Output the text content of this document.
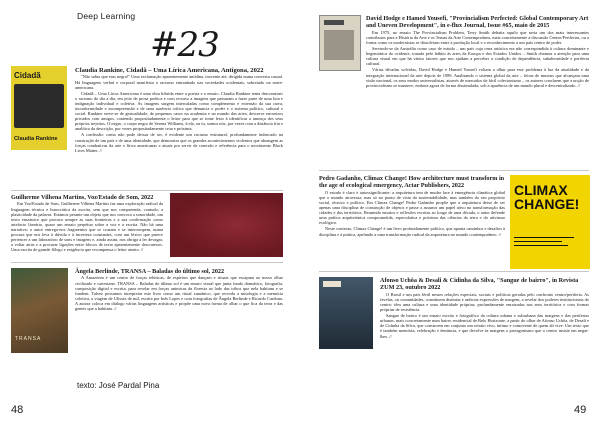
Deep Learning
#23
Cidadã
Claudia Rankine

Claudia Rankine, Cidadã – Uma Lírica Americana, Antígona, 2022

"Não sabia que eras negra!" Uma exclamação aparentemente anódina, inocente até, dirigida numa conversa casual. Há linguagens verbal e corporal manifesta o racismo entranhado nas sociedades ocidentais, sobretudo na norte-americana.

Cidadã – Uma Lírica Americana é uma obra híbrida entre a poesia e o ensaio. Claudia Rankine tenta desconstruir o racismo do dia a dia, em jeito de prosa poética e com recurso a imagens que passaram a fazer parte de uma luta e indignação individual e coletiva. As imagens surgem intercaladas como complemento e extensão da sua raiva, inconformidade e incompreensão e de uma ausência crítica que denuncia o poder e o sistema político, cultural e social. Rankine serve-se de gestualidade, de pequenos casos na academia e no mundo das artes, descreve encontros privados com amigos, contendo propositadamente o leitor para que se tome lesto à identificar a ameaça dos seus próprios trejeitos. O negro, o corpo negro de Serena Williams, à ela, ou tu, somos nós, por vezes com a distância fria e analítica da descrição, por vezes propositadamente crua e próxima.

A confissão: como não pode deixar de ser, é evidente um racismo estrutural, profundamente imbricado na construção de um país e de uma identidade, que demonstra que os grandes acontecimentos violentos que abrangem as forças combativas da arte e lírica americanas e atuais por servir de conexão e referência para o movimento Black Lives Matter. //

Guilherme Vilhena Martins, Voz/Estado de Som, 2022

Em Voz/Estado de Som, Guilherme Vilhena Martins faz uma exploração radical da linguagem técnica e burocrática da escrita, sem que nos compreenda, contudo, a plasticidade da palavra. Estamos perante um objeto que nos convoca a sonoridade, um texto ensaístico que procura sempre as suas fronteiras e a sua confirmação como artefacto literário, quase um ensaio perpétuo sobre a voz e a escrita. Não há uma narrativa; o autor entrega-nos fragmentos que se cruzam e se interrompem, numa procura que nos leva à dúvida e à incerteza constantes, com um léxico que parece pertencer a um laboratório de sons e imagens e, ainda assim, nos obriga a ler devagar, a voltar atrás e a procurar ligações entre blocos de texto aparentemente desconexos. Uma escrita de grande fôlego e exigência que recompensa o leitor atento. //

TRANSA

Ângela Berlinde, TRANSA – Baladas do último sol, 2022

A Amazónia é um centro de forças telúricas, de espíritos que dançam e rituais que escapam ao nosso olhar civilizado e cartesiano. TRANSA – Baladas do último sol é um ensaio visual que junta fundo dramático, fotografia, composição digital e escrita, para revelar em forças anímicas da floresta ao lado das tribos que nela habitam e se fundem. Talvez possamos interpretar este livro como um ritual xamânico, que recorda a mitologia e a memória coletiva, a viagem de Ulisses de mil, escrita por Inês Lopes e com fotografias de Ângela Berlinde e Ricardo Cardona. A autora coloca em diálogo várias linguagens artísticas e propõe uma nova forma de olhar o que fica da terra e das gentes que a habitam. //

texto: José Pardal Pina
48

David Hodge e Hamed Yousefi, "Provincialism Perfected: Global Contemporary Art and Uneven Development", in e-flux Journal, Issue #65, maio de 2015

Em 1975, no ensaio The Provincialism Problem, Terry Smith debatia aquilo que seria um dos mais interessantes contributos para a História da Arte e os Temas da Arte Contemporânea, mais concretamente a discussão Centro/Periferias, ou a forma como os modernistas se dissolviam entre a produção local e o reconhecimento a um país centro de poder.

Servindo-se da Austrália como caso de estudo – um país cuja cena artística era não correspondida à cultura dominante e hegemónica do ocidente, tratada pelo hábito às artes da Europa e dos Estados Unidos – Smith chamou a atenção para uma cultura visual em que há vários fatores que nos ajudam a perceber a condição de dependência, subalternidade e periferia cultural.

Várias décadas volvidas, David Hodge e Hamed Yousefi voltam a olhar para este problema à luz da atualidade e da integração internacional da arte depois de 1989. Analisando o sistema global da arte – feiras de museus que alcançam uma visão nacional, os seus modos universalistas, através de mercados de fácil colecionismo – os autores concluem que a noção de provincialismo se manteve, embora agora de forma dissimulada, sob a aparência de um mundo plural e descentralizado. //

Pedro Gadanho, Climax Change! How architecture must transform in the age of ecological emergency, Actar Publishers, 2022

O estudo é claro e autossignificante: a arquitetura tem de mudar face à emergência climática global que o mundo atravessa, mas só no ponto de vista da sustentabilidade, mas também do seu propósito social, técnico e político. Em Climax Change! Pedro Gadanho propõe que a arquitetura deixe de ser apenas uma disciplina de construção de objetos e passe a assumir um papel ativo na transformação das cidades e dos territórios. Reunindo ensaios e reflexões escritas ao longo de uma década, o autor defende uma prática arquitetónica comprometida, especulativa e próxima das ciências da terra e do ativismo ecológico.

Neste contexto, Climax Change! é um livro profundamente político, que aponta caminhos e desafios à disciplina e à prática, apelando a uma transformação radical da arquitetura no mundo contemporâneo. //

CLIMAX CHANGE!

Afonso Uchôa & Desali & Cidinha da Silva, "Sangue de bairro", in Revista ZUM 23, outubro 2022

O Brasil e um país fértil nesses relações especiais, sociais e políticas geradas pelo confronto centro/periferia. As favelas, ou comunidades, constituem distintas e radicais expressões de margem, a revelar dos poderes institucionais do centro: têm uma cultura e uma identidade próprias, profundamente enraizadas nos seus territórios e com formas próprias de resistência.

Sangue de bairro é um ensaio escrito e fotográfico da cultura urbana e suburbana das margens e das periferias urbanas, mais concretamente num bairro residencial de Belo Horizonte, a partir do olhar de Afonso Uchôa, de Desali e de Cidinha da Silva, que constroem em conjunto um retrato vivo, íntimo e comovente de quem ali vive. Um texto que é também memória, celebração e denúncia, e que devolve às margens o protagonismo que o centro insiste em negar-lhes. //

49
